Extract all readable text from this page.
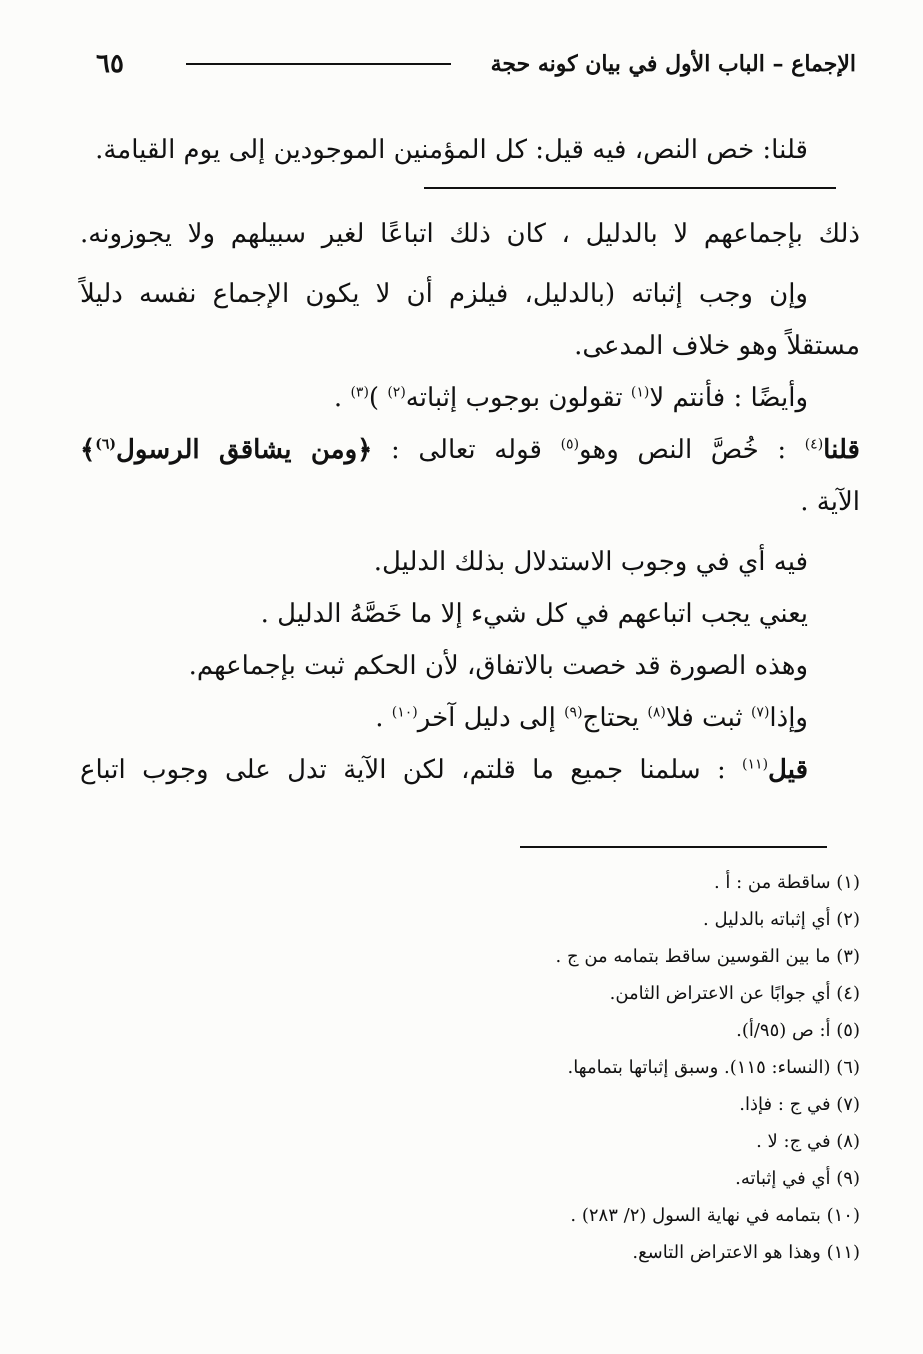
الإجماع – الباب الأول في بيان كونه حجة
٦٥
قلنا: خص النص، فيه قيل: كل المؤمنين الموجودين إلى يوم القيامة.

ذلك بإجماعهم لا بالدليل ، كان ذلك اتباعًا لغير سبيلهم ولا يجوزونه.

وإن وجب إثباته (بالدليل، فيلزم أن لا يكون الإجماع نفسه دليلاً

مستقلاً وهو خلاف المدعى.

وأيضًا : فأنتم لا$^{(١)}$ تقولون بوجوب إثباته$^{(٢)}$ )$^{(٣)}$ .

قلنا$^{(٤)}$ : خُصَّ النص وهو$^{(٥)}$ قوله تعالى : ﴿ومن يشاقق الرسول$^{(٦)}$﴾

الآية .

فيه أي في وجوب الاستدلال بذلك الدليل.

يعني يجب اتباعهم في كل شيء إلا ما خَصَّهُ الدليل .

وهذه الصورة قد خصت بالاتفاق، لأن الحكم ثبت بإجماعهم.

وإذا$^{(٧)}$ ثبت فلا$^{(٨)}$ يحتاج$^{(٩)}$ إلى دليل آخر$^{(١٠)}$ .

قيل$^{(١١)}$ : سلمنا جميع ما قلتم، لكن الآية تدل على وجوب اتباع

(١) ساقطة من : أ .
(٢) أي إثباته بالدليل .
(٣) ما بين القوسين ساقط بتمامه من ج .
(٤) أي جوابًا عن الاعتراض الثامن.
(٥) أ: ص (٩٥/أ).
(٦) (النساء: ١١٥). وسبق إثباتها بتمامها.
(٧) في ج : فإذا.
(٨) في ج: لا .
(٩) أي في إثباته.
(١٠) بتمامه في نهاية السول (٢/ ٢٨٣) .
(١١) وهذا هو الاعتراض التاسع.
